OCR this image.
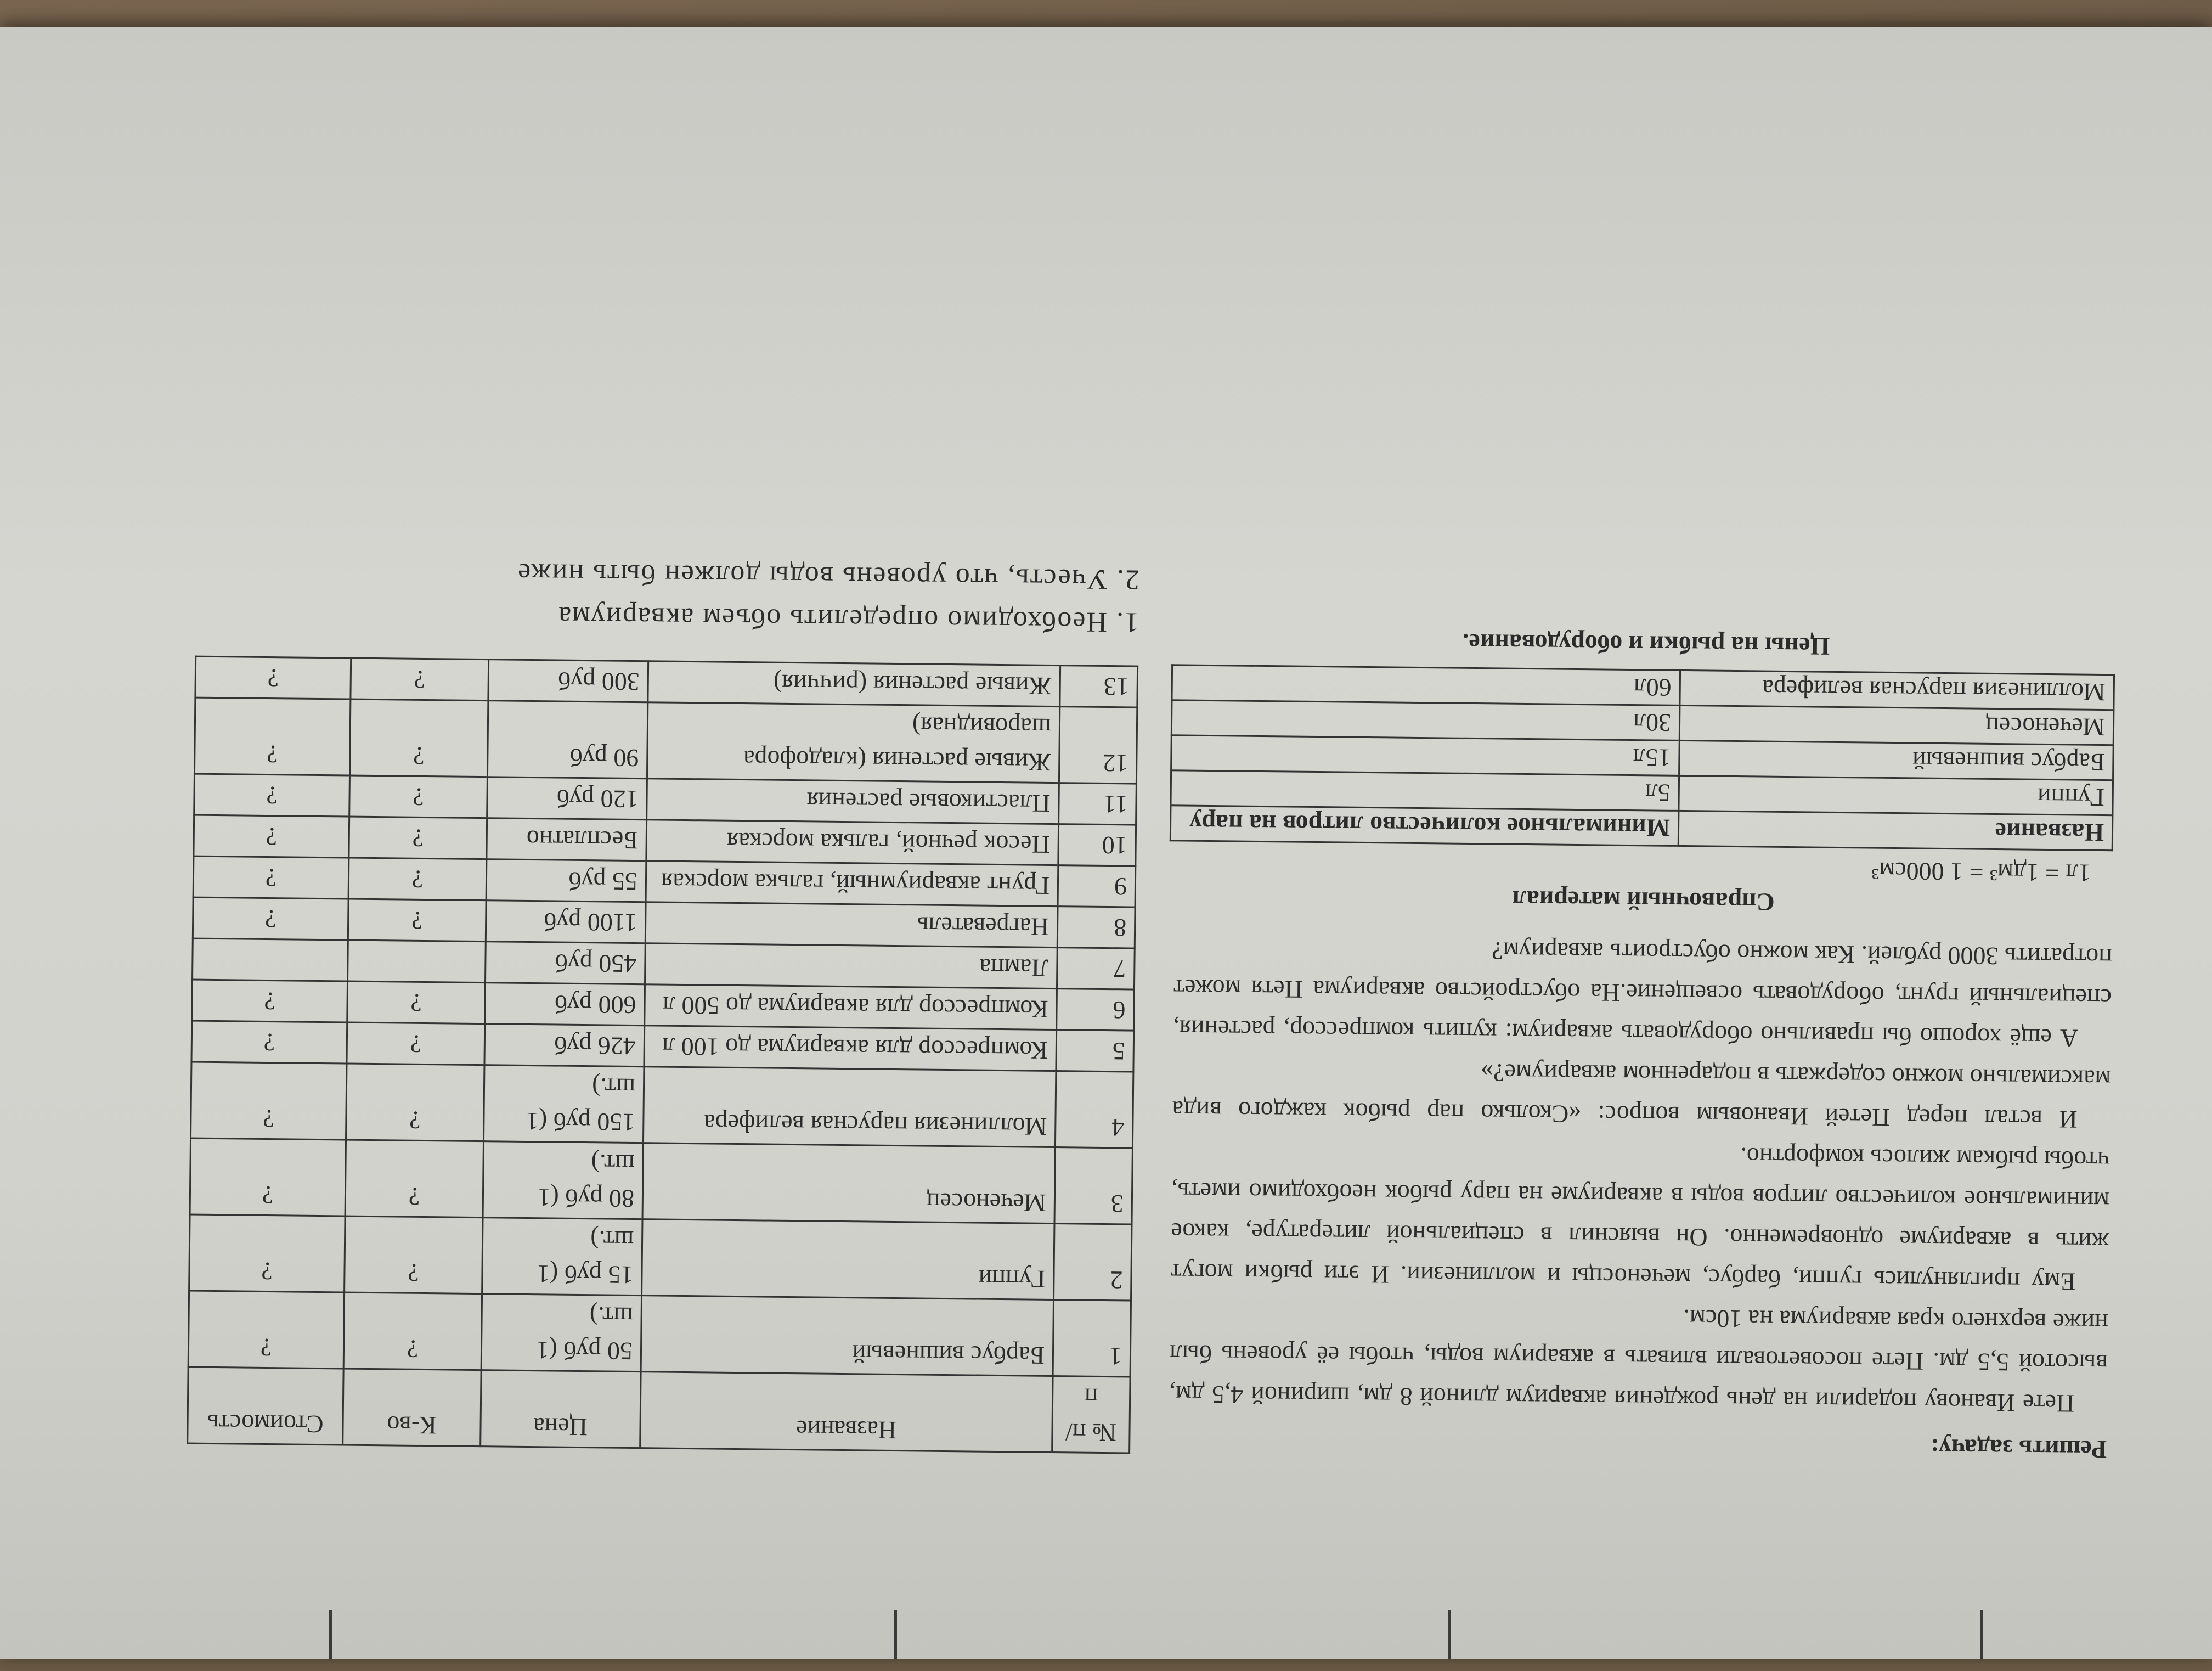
Решить задачу:

Пете Иванову подарили на день рождения аквариум длиной 8 дм, шириной 4,5 дм, высотой 5,5 дм. Пете посоветовали вливать в аквариум воды, чтобы её уровень был ниже верхнего края аквариума на 10см.

Ему приглянулись гуппи, барбус, меченосцы и моллинезии. И эти рыбки могут жить в аквариуме одновременно. Он выяснил в специальной литературе, какое минимальное количество литров воды в аквариуме на пару рыбок необходимо иметь, чтобы рыбкам жилось комфортно.

И встал перед Петей Ивановым вопрос: «Сколько пар рыбок каждого вида максимально можно содержать в подаренном аквариуме?»

А ещё хорошо бы правильно оборудовать аквариум: купить компрессор, растения, специальный грунт, оборудовать освещение.На обустройство аквариума Петя может потратить 3000 рублей. Как можно обустроить аквариум?

Справочный материал
1л = 1дм³ = 1 000см³
Название	Минимальное количество литров на пару
Гуппи	5л
Барбус вишневый	15л
Меченосец	30л
Моллинезия парусная велифера	60л
Цены на рыбки и оборудование.
№ п/п	Название	Цена	К-во	Стоимость
1	Барбус вишневый	50 руб (1 шт.)	?	?
2	Гуппи	15 руб (1 шт.)	?	?
3	Меченосец	80 руб (1 шт.)	?	?
4	Моллинезия парусная велифера	150 руб (1 шт.)	?	?
5	Компрессор для аквариума до 100 л	426 руб	?	?
6	Компрессор для аквариума до 500 л	600 руб	?	?
7	Лампа	450 руб		
8	Нагреватель	1100 руб	?	?
9	Грунт аквариумный, галька морская	55 руб	?	?
10	Песок речной, галька морская	Бесплатно	?	?
11	Пластиковые растения	120 руб	?	?
12	Живые растения (кладофора шаровидная)	90 руб	?	?
13	Живые растения (риччия)	300 руб	?	?
1. Необходимо определить объем аквариума
2. Учесть, что уровень воды должен быть ниже
